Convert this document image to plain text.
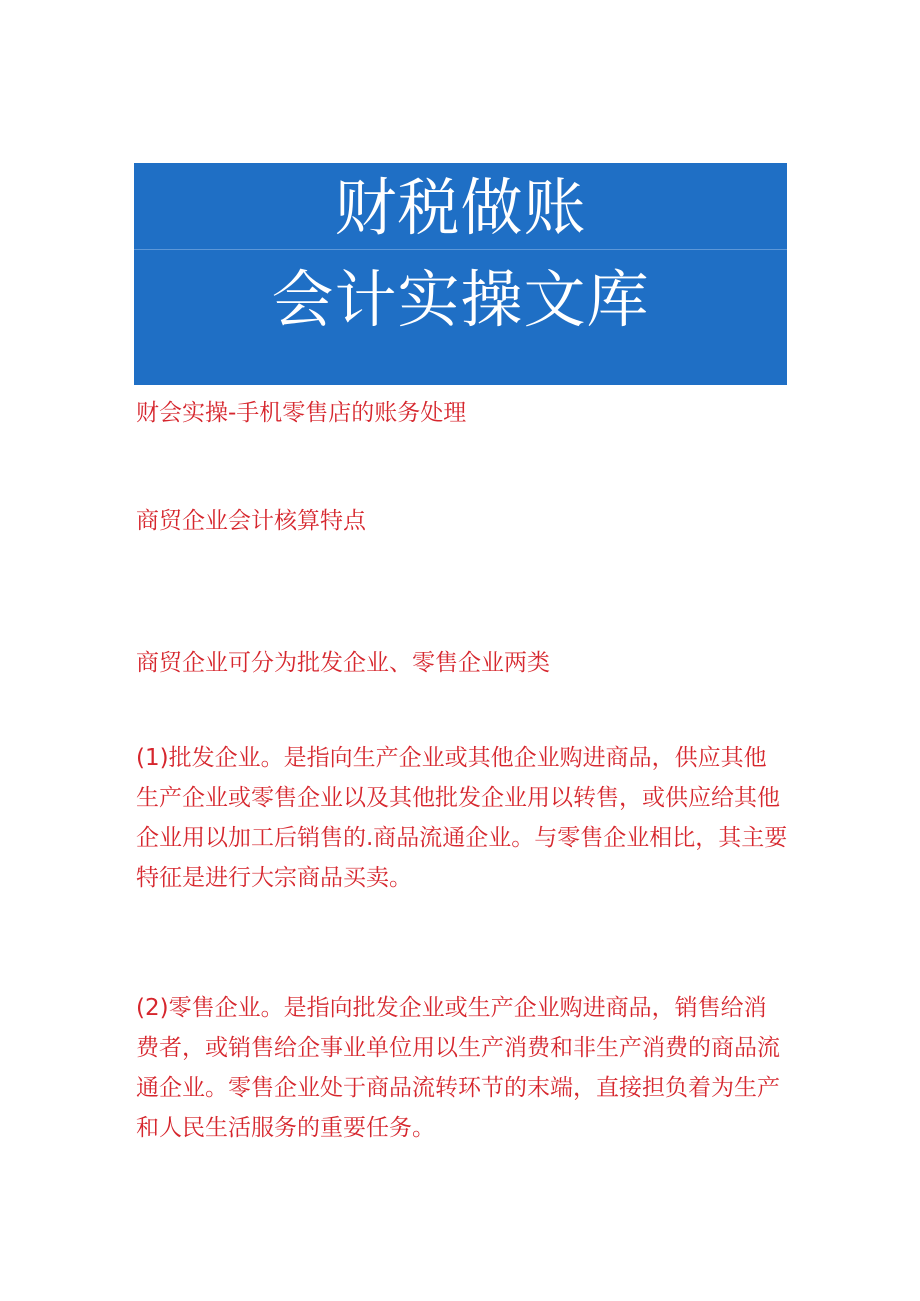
财税做账
会计实操文库

财会实操-手机零售店的账务处理

商贸企业会计核算特点

商贸企业可分为批发企业、零售企业两类

(1)批发企业。是指向生产企业或其他企业购进商品，供应其他生产企业或零售企业以及其他批发企业用以转售，或供应给其他企业用以加工后销售的.商品流通企业。与零售企业相比，其主要特征是进行大宗商品买卖。

(2)零售企业。是指向批发企业或生产企业购进商品，销售给消费者，或销售给企事业单位用以生产消费和非生产消费的商品流通企业。零售企业处于商品流转环节的末端，直接担负着为生产和人民生活服务的重要任务。
